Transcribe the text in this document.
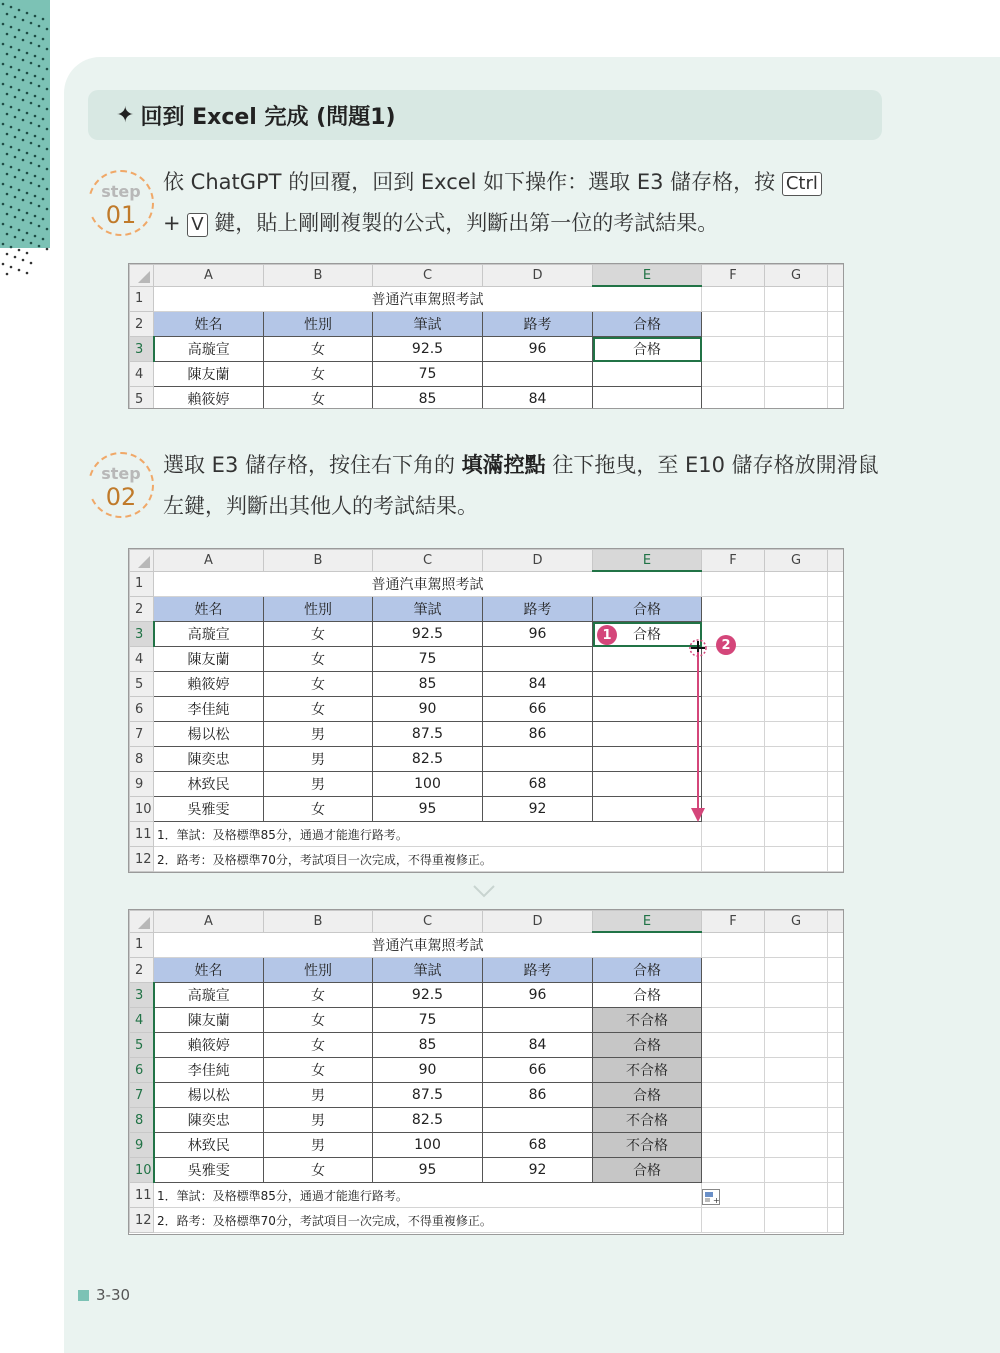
✦ 回到 Excel 完成 (問題1)
step
01
依 ChatGPT 的回覆，回到 Excel 如下操作：選取 E3 儲存格，按 Ctrl
+ V 鍵，貼上剛剛複製的公式，判斷出第一位的考試結果。
	A	B	C	D	E	F	G	
1	普通汽車駕照考試							
2	姓名	性別	筆試	路考	合格			
3	高璇宣	女	92.5	96	合格			
4	陳友蘭	女	75					
5	賴筱婷	女	85	84				
step
02
選取 E3 儲存格，按住右下角的 填滿控點 往下拖曳，至 E10 儲存格放開滑鼠左鍵，判斷出其他人的考試結果。
	A	B	C	D	E	F	G	
1	普通汽車駕照考試							
2	姓名	性別	筆試	路考	合格			
3	高璇宣	女	92.5	96	合格			
4	陳友蘭	女	75					
5	賴筱婷	女	85	84				
6	李佳純	女	90	66				
7	楊以松	男	87.5	86				
8	陳奕忠	男	82.5					
9	林致民	男	100	68				
10	吳雅雯	女	95	92				
11	1．筆試：及格標準85分，通過才能進行路考。							
12	2．路考：及格標準70分，考試項目一次完成，不得重複修正。							
1
2
	A	B	C	D	E	F	G	
1	普通汽車駕照考試							
2	姓名	性別	筆試	路考	合格			
3	高璇宣	女	92.5	96	合格			
4	陳友蘭	女	75		不合格			
5	賴筱婷	女	85	84	合格			
6	李佳純	女	90	66	不合格			
7	楊以松	男	87.5	86	合格			
8	陳奕忠	男	82.5		不合格			
9	林致民	男	100	68	不合格			
10	吳雅雯	女	95	92	合格			
11	1．筆試：及格標準85分，通過才能進行路考。							
12	2．路考：及格標準70分，考試項目一次完成，不得重複修正。							
+
3-30
